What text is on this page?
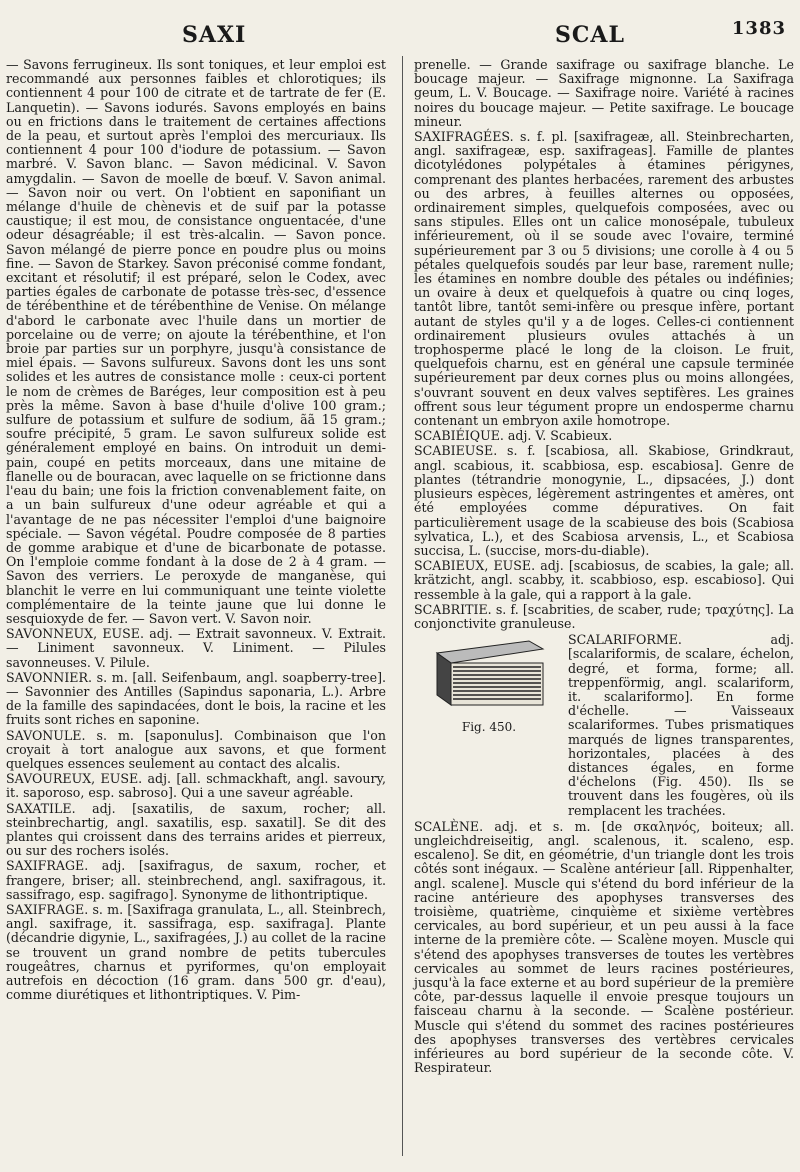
SAXI	SCAL	1383

— Savons ferrugineux. Ils sont toniques, et leur emploi est recommandé aux personnes faibles et chlorotiques; ils contiennent 4 pour 100 de citrate et de tartrate de fer (E. Lanquetin). — Savons iodurés. Savons employés en bains ou en frictions dans le traitement de certaines affections de la peau, et surtout après l'emploi des mercuriaux. Ils contiennent 4 pour 100 d'iodure de potassium. — Savon marbré. V. Savon blanc. — Savon médicinal. V. Savon amygdalin. — Savon de moelle de bœuf. V. Savon animal. — Savon noir ou vert. On l'obtient en saponifiant un mélange d'huile de chènevis et de suif par la potasse caustique; il est mou, de consistance onguentacée, d'une odeur désagréable; il est très-alcalin. — Savon ponce. Savon mélangé de pierre ponce en poudre plus ou moins fine. — Savon de Starkey. Savon préconisé comme fondant, excitant et résolutif; il est préparé, selon le Codex, avec parties égales de carbonate de potasse très-sec, d'essence de térébenthine et de térébenthine de Venise. On mélange d'abord le carbonate avec l'huile dans un mortier de porcelaine ou de verre; on ajoute la térébenthine, et l'on broie par parties sur un porphyre, jusqu'à consistance de miel épais. — Savons sulfureux. Savons dont les uns sont solides et les autres de consistance molle : ceux-ci portent le nom de crèmes de Baréges, leur composition est à peu près la même. Savon à base d'huile d'olive 100 gram.; sulfure de potassium et sulfure de sodium, ãã 15 gram.; soufre précipité, 5 gram. Le savon sulfureux solide est généralement employé en bains. On introduit un demi-pain, coupé en petits morceaux, dans une mitaine de flanelle ou de bouracan, avec laquelle on se frictionne dans l'eau du bain; une fois la friction convenablement faite, on a un bain sulfureux d'une odeur agréable et qui a l'avantage de ne pas nécessiter l'emploi d'une baignoire spéciale. — Savon végétal. Poudre composée de 8 parties de gomme arabique et d'une de bicarbonate de potasse. On l'emploie comme fondant à la dose de 2 à 4 gram. — Savon des verriers. Le peroxyde de manganèse, qui blanchit le verre en lui communiquant une teinte violette complémentaire de la teinte jaune que lui donne le sesquioxyde de fer. — Savon vert. V. Savon noir.

SAVONNEUX, EUSE. adj. — Extrait savonneux. V. Extrait. — Liniment savonneux. V. Liniment. — Pilules savonneuses. V. Pilule.

SAVONNIER. s. m. [all. Seifenbaum, angl. soapberry-tree]. — Savonnier des Antilles (Sapindus saponaria, L.). Arbre de la famille des sapindacées, dont le bois, la racine et les fruits sont riches en saponine.

SAVONULE. s. m. [saponulus]. Combinaison que l'on croyait à tort analogue aux savons, et que forment quelques essences seulement au contact des alcalis.

SAVOUREUX, EUSE. adj. [all. schmackhaft, angl. savoury, it. saporoso, esp. sabroso]. Qui a une saveur agréable.

SAXATILE. adj. [saxatilis, de saxum, rocher; all. steinbrechartig, angl. saxatilis, esp. saxatil]. Se dit des plantes qui croissent dans des terrains arides et pierreux, ou sur des rochers isolés.

SAXIFRAGE. adj. [saxifragus, de saxum, rocher, et frangere, briser; all. steinbrechend, angl. saxifragous, it. sassifrago, esp. sagifrago]. Synonyme de lithontriptique.

SAXIFRAGE. s. m. [Saxifraga granulata, L., all. Steinbrech, angl. saxifrage, it. sassifraga, esp. saxifraga]. Plante (décandrie digynie, L., saxifragées, J.) au collet de la racine se trouvent un grand nombre de petits tubercules rougeâtres, charnus et pyriformes, qu'on employait autrefois en décoction (16 gram. dans 500 gr. d'eau), comme diurétiques et lithontriptiques. V. Pim-

prenelle. — Grande saxifrage ou saxifrage blanche. Le boucage majeur. — Saxifrage mignonne. La Saxifraga geum, L. V. Boucage. — Saxifrage noire. Variété à racines noires du boucage majeur. — Petite saxifrage. Le boucage mineur.

SAXIFRAGÉES. s. f. pl. [saxifrageæ, all. Steinbrecharten, angl. saxifrageæ, esp. saxifrageas]. Famille de plantes dicotylédones polypétales à étamines périgynes, comprenant des plantes herbacées, rarement des arbustes ou des arbres, à feuilles alternes ou opposées, ordinairement simples, quelquefois composées, avec ou sans stipules. Elles ont un calice monosépale, tubuleux inférieurement, où il se soude avec l'ovaire, terminé supérieurement par 3 ou 5 divisions; une corolle à 4 ou 5 pétales quelquefois soudés par leur base, rarement nulle; les étamines en nombre double des pétales ou indéfinies; un ovaire à deux et quelquefois à quatre ou cinq loges, tantôt libre, tantôt semi-infère ou presque infère, portant autant de styles qu'il y a de loges. Celles-ci contiennent ordinairement plusieurs ovules attachés à un trophosperme placé le long de la cloison. Le fruit, quelquefois charnu, est en général une capsule terminée supérieurement par deux cornes plus ou moins allongées, s'ouvrant souvent en deux valves septifères. Les graines offrent sous leur tégument propre un endosperme charnu contenant un embryon axile homotrope.

SCABIÉIQUE. adj. V. Scabieux.

SCABIEUSE. s. f. [scabiosa, all. Skabiose, Grindkraut, angl. scabious, it. scabbiosa, esp. escabiosa]. Genre de plantes (tétrandrie monogynie, L., dipsacées, J.) dont plusieurs espèces, légèrement astringentes et amères, ont été employées comme dépuratives. On fait particulièrement usage de la scabieuse des bois (Scabiosa sylvatica, L.), et des Scabiosa arvensis, L., et Scabiosa succisa, L. (succise, mors-du-diable).

SCABIEUX, EUSE. adj. [scabiosus, de scabies, la gale; all. krätzicht, angl. scabby, it. scabbioso, esp. escabioso]. Qui ressemble à la gale, qui a rapport à la gale.

SCABRITIE. s. f. [scabrities, de scaber, rude; τραχύτης]. La conjonctivite granuleuse.

Fig. 450.
SCALARIFORME. adj. [scalariformis, de scalare, échelon, degré, et forma, forme; all. treppenförmig, angl. scalariform, it. scalariformo]. En forme d'échelle. — Vaisseaux scalariformes. Tubes prismatiques marqués de lignes transparentes, horizontales, placées à des distances égales, en forme d'échelons (Fig. 450). Ils se trouvent dans les fougères, où ils remplacent les trachées.

SCALÈNE. adj. et s. m. [de σκαληνός, boiteux; all. ungleichdreiseitig, angl. scalenous, it. scaleno, esp. escaleno]. Se dit, en géométrie, d'un triangle dont les trois côtés sont inégaux. — Scalène antérieur [all. Rippenhalter, angl. scalene]. Muscle qui s'étend du bord inférieur de la racine antérieure des apophyses transverses des troisième, quatrième, cinquième et sixième vertèbres cervicales, au bord supérieur, et un peu aussi à la face interne de la première côte. — Scalène moyen. Muscle qui s'étend des apophyses transverses de toutes les vertèbres cervicales au sommet de leurs racines postérieures, jusqu'à la face externe et au bord supérieur de la première côte, par-dessus laquelle il envoie presque toujours un faisceau charnu à la seconde. — Scalène postérieur. Muscle qui s'étend du sommet des racines postérieures des apophyses transverses des vertèbres cervicales inférieures au bord supérieur de la seconde côte. V. Respirateur.
